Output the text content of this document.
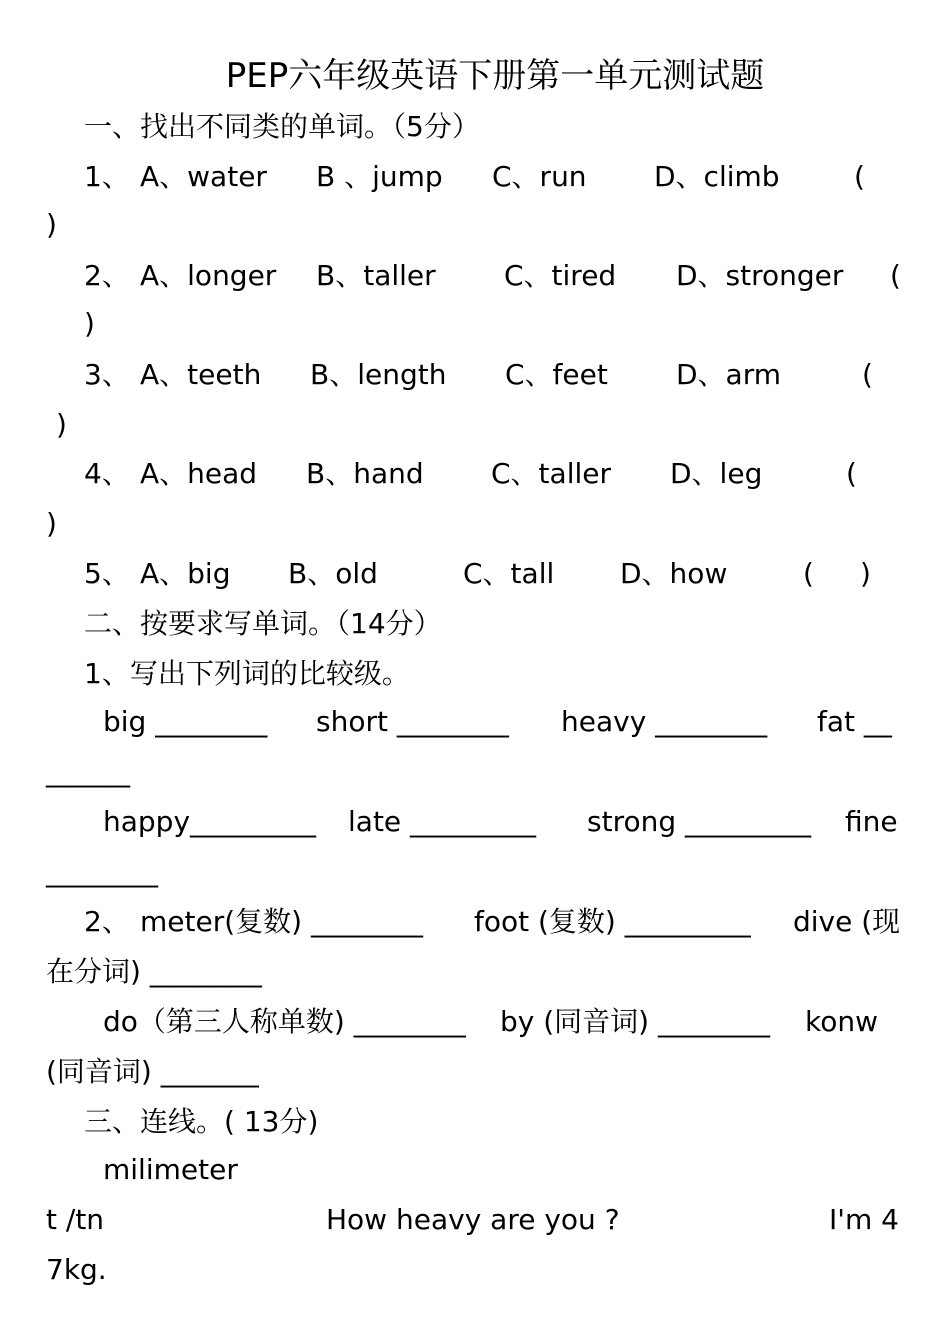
PEP六年级英语下册第一单元测试题
一、找出不同类的单词。（5分）
1、 A、water B 、jump C、run D、climb	(
)
2、 A、longer B、taller C、tired D、stronger (
)
3、 A、teeth B、length C、feet D、arm	(
)
4、 A、head B、hand C、taller D、leg	(
)
5、 A、big B、old	C、tall D、how	( )
二、按要求写单词。（14分）
1、写出下列词的比较级。
big ________ short ________ heavy ________ fat __
______
happy_________ late _________ strong _________ fine
________
2、 meter(复数) ________ foot (复数) _________ dive (现
在分词) ________
do（第三人称单数) ________ by (同音词) ________ konw
(同音词) _______
三、连线。( 13分)
milimeter
t /tn	How heavy are you ?	I'm 4
7kg.
